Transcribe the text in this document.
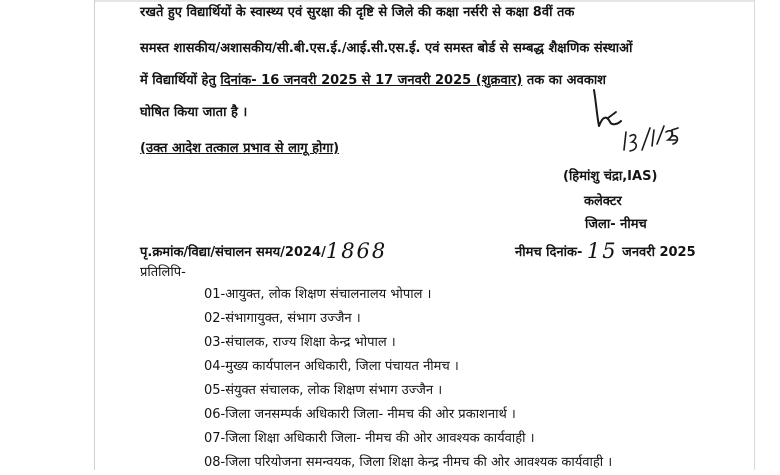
रखते हुए विद्यार्थियों के स्वास्थ्य एवं सुरक्षा की दृष्टि से जिले की कक्षा नर्सरी से कक्षा 8वीं तक
समस्त शासकीय/अशासकीय/सी.बी.एस.ई./आई.सी.एस.ई. एवं समस्त बोर्ड से सम्बद्ध शैक्षणिक संस्थाओं
में विद्यार्थियों हेतु दिनांक- 16 जनवरी 2025 से 17 जनवरी 2025 (शुक्रवार) तक का अवकाश
घोषित किया जाता है ।
(उक्त आदेश तत्काल प्रभाव से लागू होगा)
(हिमांशु चंद्रा,IAS)
कलेक्टर
जिला- नीमच
पृ.क्रमांक/विद्या/संचालन समय/2024/1868	नीमच दिनांक- 15 जनवरी 2025
प्रतिलिपि-
01-आयुक्त, लोक शिक्षण संचालनालय भोपाल ।
02-संभागायुक्त, संभाग उज्जैन ।
03-संचालक, राज्य शिक्षा केन्द्र भोपाल ।
04-मुख्य कार्यपालन अधिकारी, जिला पंचायत नीमच ।
05-संयुक्त संचालक, लोक शिक्षण संभाग उज्जैन ।
06-जिला जनसम्पर्क अधिकारी जिला- नीमच की ओर प्रकाशनार्थ ।
07-जिला शिक्षा अधिकारी जिला- नीमच की ओर आवश्यक कार्यवाही ।
08-जिला परियोजना समन्वयक, जिला शिक्षा केन्द्र नीमच की ओर आवश्यक कार्यवाही ।
